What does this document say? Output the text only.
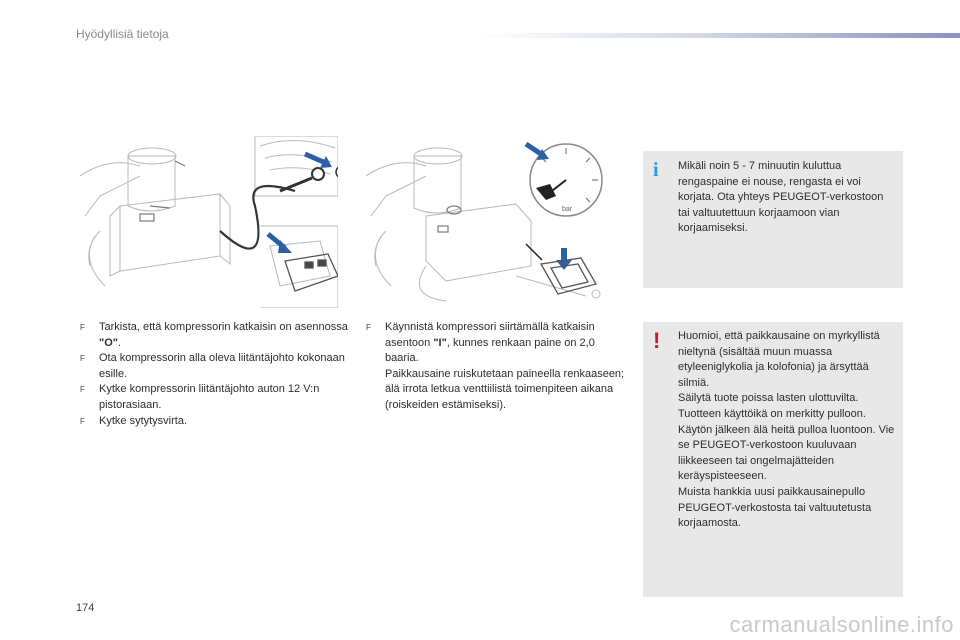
Hyödyllisiä tietoja
bar
F Tarkista, että kompressorin katkaisin on asennossa "O".

F Ota kompressorin alla oleva liitäntäjohto kokonaan esille.

F Kytke kompressorin liitäntäjohto auton 12 V:n pistorasiaan.

F Kytke sytytysvirta.

F Käynnistä kompressori siirtämällä katkaisin asentoon "I", kunnes renkaan paine on 2,0 baaria.

Paikkausaine ruiskutetaan paineella renkaaseen; älä irrota letkua venttiilistä toimenpiteen aikana (roiskeiden estämiseksi).

i Mikäli noin 5 - 7 minuutin kuluttua rengaspaine ei nouse, rengasta ei voi korjata. Ota yhteys PEUGEOT-verkostoon tai valtuutettuun korjaamoon vian korjaamiseksi.

! Huomioi, että paikkausaine on myrkyllistä nieltynä (sisältää muun muassa etyleeniglykolia ja kolofonia) ja ärsyttää silmiä.

Säilytä tuote poissa lasten ulottuvilta.

Tuotteen käyttöikä on merkitty pulloon.

Käytön jälkeen älä heitä pulloa luontoon. Vie se PEUGEOT-verkostoon kuuluvaan liikkeeseen tai ongelmajätteiden keräyspisteeseen.

Muista hankkia uusi paikkausainepullo PEUGEOT-verkostosta tai valtuutetusta korjaamosta.

174
carmanualsonline.info
